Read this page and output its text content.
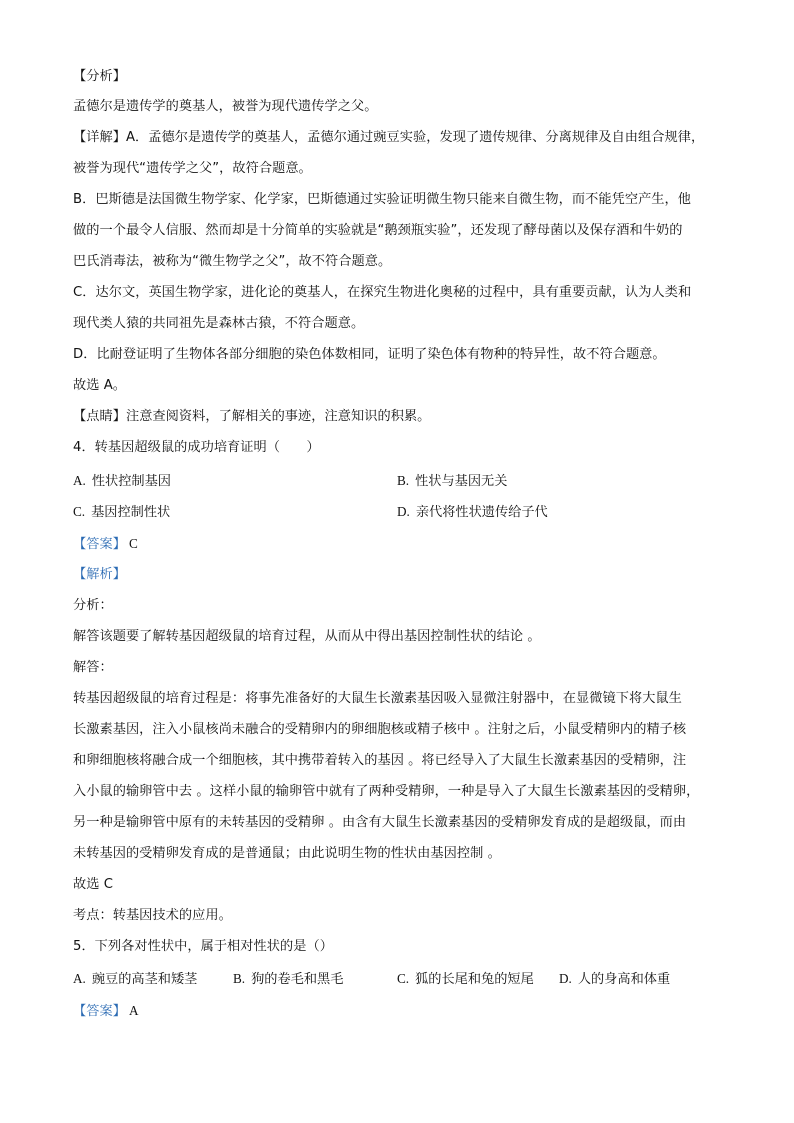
【分析】
孟德尔是遗传学的奠基人，被誉为现代遗传学之父。
【详解】A．孟德尔是遗传学的奠基人，孟德尔通过豌豆实验，发现了遗传规律、分离规律及自由组合规律，
被誉为现代“遗传学之父”，故符合题意。
B．巴斯德是法国微生物学家、化学家，巴斯德通过实验证明微生物只能来自微生物，而不能凭空产生，他
做的一个最令人信服、然而却是十分简单的实验就是“鹅颈瓶实验”，还发现了酵母菌以及保存酒和牛奶的
巴氏消毒法，被称为“微生物学之父”，故不符合题意。
C．达尔文，英国生物学家，进化论的奠基人，在探究生物进化奥秘的过程中，具有重要贡献，认为人类和
现代类人猿的共同祖先是森林古猿，不符合题意。
D．比耐登证明了生物体各部分细胞的染色体数相同，证明了染色体有物种的特异性，故不符合题意。
故选 A。
【点睛】注意查阅资料，了解相关的事迹，注意知识的积累。
4．转基因超级鼠的成功培育证明（　　）
A. 性状控制基因	B. 性状与基因无关
C. 基因控制性状	D. 亲代将性状遗传给子代
【答案】 C
【解析】
分析：
解答该题要了解转基因超级鼠的培育过程，从而从中得出基因控制性状的结论 。
解答：
转基因超级鼠的培育过程是：将事先准备好的大鼠生长激素基因吸入显微注射器中，在显微镜下将大鼠生
长激素基因，注入小鼠核尚未融合的受精卵内的卵细胞核或精子核中 。注射之后，小鼠受精卵内的精子核
和卵细胞核将融合成一个细胞核，其中携带着转入的基因 。将已经导入了大鼠生长激素基因的受精卵，注
入小鼠的输卵管中去 。这样小鼠的输卵管中就有了两种受精卵，一种是导入了大鼠生长激素基因的受精卵，
另一种是输卵管中原有的未转基因的受精卵 。由含有大鼠生长激素基因的受精卵发育成的是超级鼠，而由
未转基因的受精卵发育成的是普通鼠；由此说明生物的性状由基因控制 。
故选 C
考点：转基因技术的应用。
5．下列各对性状中，属于相对性状的是（）
A. 豌豆的高茎和矮茎	B. 狗的卷毛和黑毛	C. 狐的长尾和兔的短尾 D. 人的身高和体重
【答案】 A
